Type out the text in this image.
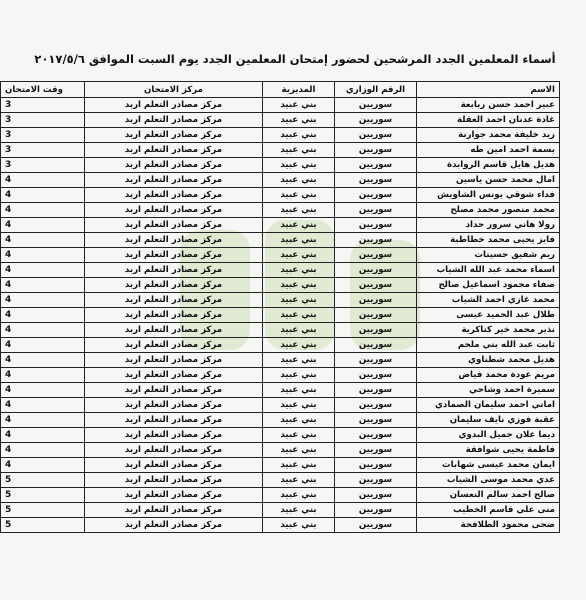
أسماء المعلمين الجدد المرشحين لحضور إمتحان المعلمين الجدد يوم السبت الموافق ٢٠١٧/٥/٦
الاسم	الرقم الوزاري	المديرية	مركز الامتحان	وقت الامتحان
عبير احمد حسن ربابعة	سوريين	بني عبيد	مركز مصادر التعلم اربد	3
غادة عدنان احمد العقلة	سوريين	بني عبيد	مركز مصادر التعلم اربد	3
زيد خليفة محمد جوارنة	سوريين	بني عبيد	مركز مصادر التعلم اربد	3
بسمة احمد امين طه	سوريين	بني عبيد	مركز مصادر التعلم اربد	3
هديل هايل قاسم الروابدة	سوريين	بني عبيد	مركز مصادر التعلم اربد	3
امال محمد حسن ياسين	سوريين	بني عبيد	مركز مصادر التعلم اربد	4
فداء شوقي يونس الشاويش	سوريين	بني عبيد	مركز مصادر التعلم اربد	4
محمد منصور محمد مصلح	سوريين	بني عبيد	مركز مصادر التعلم اربد	4
رولا هاني سرور حداد	سوريين	بني عبيد	مركز مصادر التعلم اربد	4
فايز يحيى محمد خطاطبة	سوريين	بني عبيد	مركز مصادر التعلم اربد	4
ريم شفيق حسينات	سوريين	بني عبيد	مركز مصادر التعلم اربد	4
اسماء محمد عبد الله الشياب	سوريين	بني عبيد	مركز مصادر التعلم اربد	4
صفاء محمود اسماعيل صالح	سوريين	بني عبيد	مركز مصادر التعلم اربد	4
محمد غازي احمد الشياب	سوريين	بني عبيد	مركز مصادر التعلم اربد	4
طلال عبد الحميد عيسى	سوريين	بني عبيد	مركز مصادر التعلم اربد	4
نذير محمد خير كناكرية	سوريين	بني عبيد	مركز مصادر التعلم اربد	4
ثابت عبد الله بني ملحم	سوريين	بني عبيد	مركز مصادر التعلم اربد	4
هديل محمد شطناوي	سوريين	بني عبيد	مركز مصادر التعلم اربد	4
مريم عودة محمد فياض	سوريين	بني عبيد	مركز مصادر التعلم اربد	4
سميرة احمد وشاحي	سوريين	بني عبيد	مركز مصادر التعلم اربد	4
اماني احمد سليمان الصمادي	سوريين	بني عبيد	مركز مصادر التعلم اربد	4
عقبة فوزي نايف سليمان	سوريين	بني عبيد	مركز مصادر التعلم اربد	4
ديما علان جميل البدوي	سوريين	بني عبيد	مركز مصادر التعلم اربد	4
فاطمة يحيى شوافقة	سوريين	بني عبيد	مركز مصادر التعلم اربد	4
ايمان محمد عيسى شهابات	سوريين	بني عبيد	مركز مصادر التعلم اربد	4
عدي محمد موسى الشياب	سوريين	بني عبيد	مركز مصادر التعلم اربد	5
صالح احمد سالم النعسان	سوريين	بني عبيد	مركز مصادر التعلم اربد	5
منى علي قاسم الخطيب	سوريين	بني عبيد	مركز مصادر التعلم اربد	5
ضحى محمود الطلافحة	سوريين	بني عبيد	مركز مصادر التعلم اربد	5
